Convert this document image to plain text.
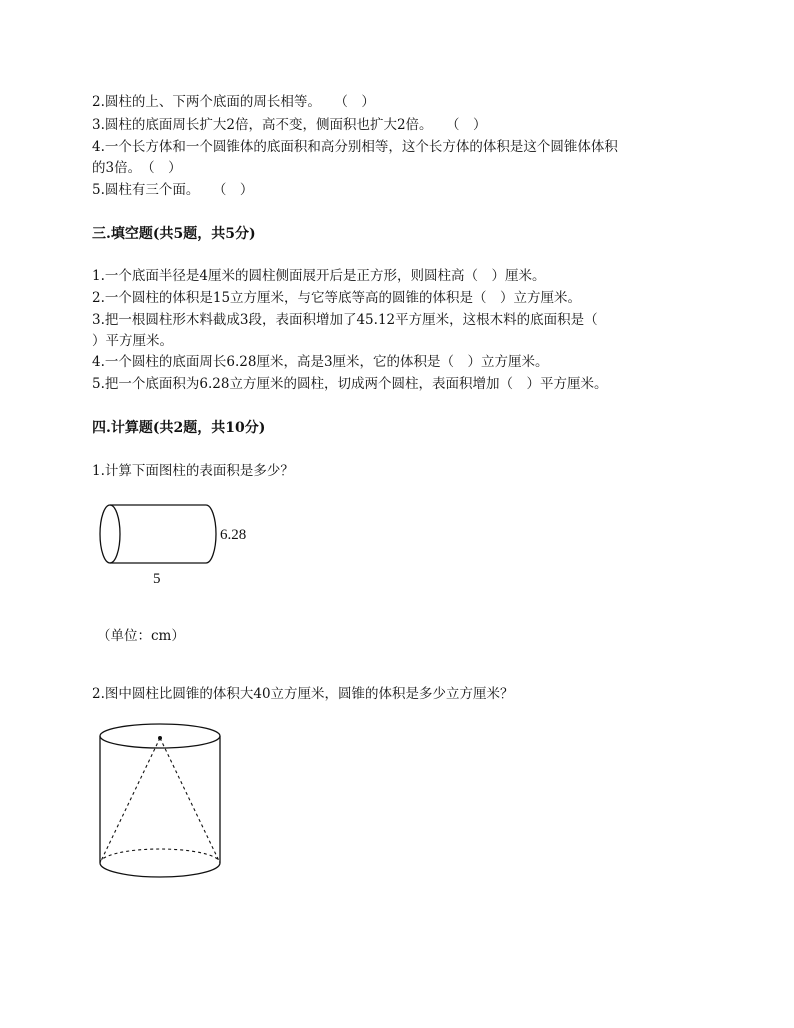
2.圆柱的上、下两个底面的周长相等。　　（　）
3.圆柱的底面周长扩大2倍，高不变，侧面积也扩大2倍。　　（　）
4.一个长方体和一个圆锥体的底面积和高分别相等，这个长方体的体积是这个圆锥体体积
的3倍。　（　）
5.圆柱有三个面。　　（　）
三.填空题(共5题，共5分)
1.一个底面半径是4厘米的圆柱侧面展开后是正方形，则圆柱高（　）厘米。
2.一个圆柱的体积是15立方厘米，与它等底等高的圆锥的体积是（　）立方厘米。
3.把一根圆柱形木料截成3段，表面积增加了45.12平方厘米，这根木料的底面积是（
）平方厘米。
4.一个圆柱的底面周长6.28厘米，高是3厘米，它的体积是（　）立方厘米。
5.把一个底面积为6.28立方厘米的圆柱，切成两个圆柱，表面积增加（　）平方厘米。
四.计算题(共2题，共10分)
1.计算下面图柱的表面积是多少？
6.28
5
（单位：cm）
2.图中圆柱比圆锥的体积大40立方厘米，圆锥的体积是多少立方厘米？
